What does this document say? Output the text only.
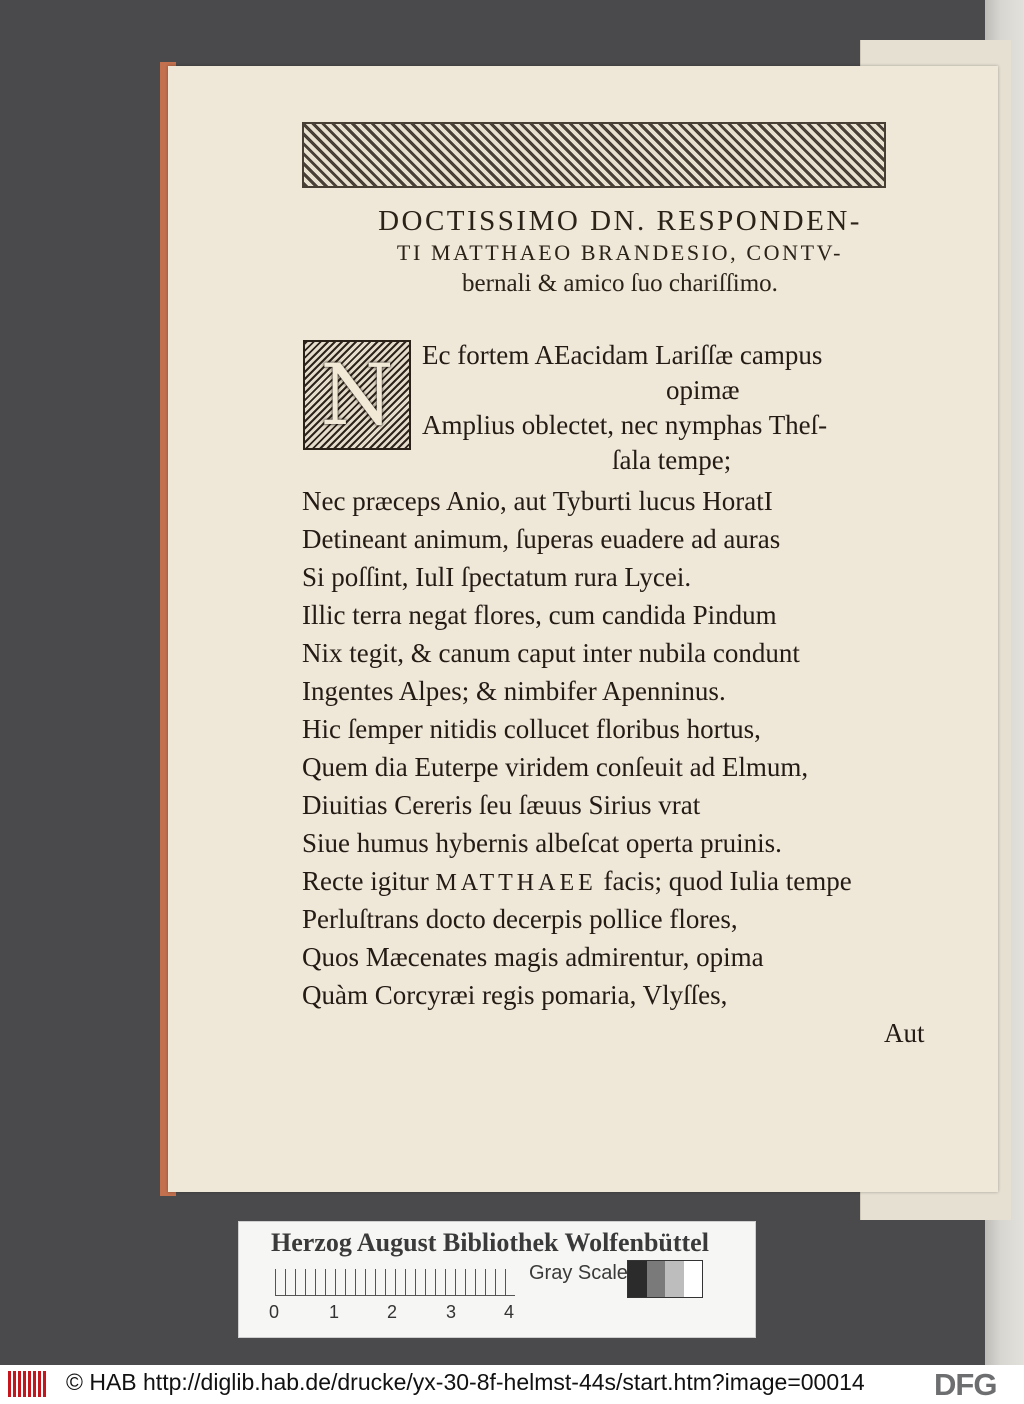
DOCTISSIMO DN. RESPONDEN-
TI MATTHAEO BRANDESIO, CONTV-
bernali & amico ſuo chariſſimo.
N	Ec fortem AEacidam Lariſſæ campus
opimæ
Amplius oblectet, nec nymphas Theſ-
ſala tempe;
Nec præceps Anio, aut Tyburti lucus HoratI
Detineant animum, ſuperas euadere ad auras
Si poſſint, IulI ſpectatum rura Lycei.
Illic terra negat flores, cum candida Pindum
Nix tegit, & canum caput inter nubila condunt
Ingentes Alpes; & nimbifer Apenninus.
Hic ſemper nitidis collucet floribus hortus,
Quem dia Euterpe viridem conſeuit ad Elmum,
Diuitias Cereris ſeu ſæuus Sirius vrat
Siue humus hybernis albeſcat operta pruinis.
Recte igitur MATTHAEE facis; quod Iulia tempe
Perluſtrans docto decerpis pollice flores,
Quos Mæcenates magis admirentur, opima
Quàm Corcyræi regis pomaria, Vlyſſes,
Aut
Herzog August Bibliothek Wolfenbüttel
0	1	2	3	4
Gray Scale
© HAB http://diglib.hab.de/drucke/yx-30-8f-helmst-44s/start.htm?image=00014 DFG
